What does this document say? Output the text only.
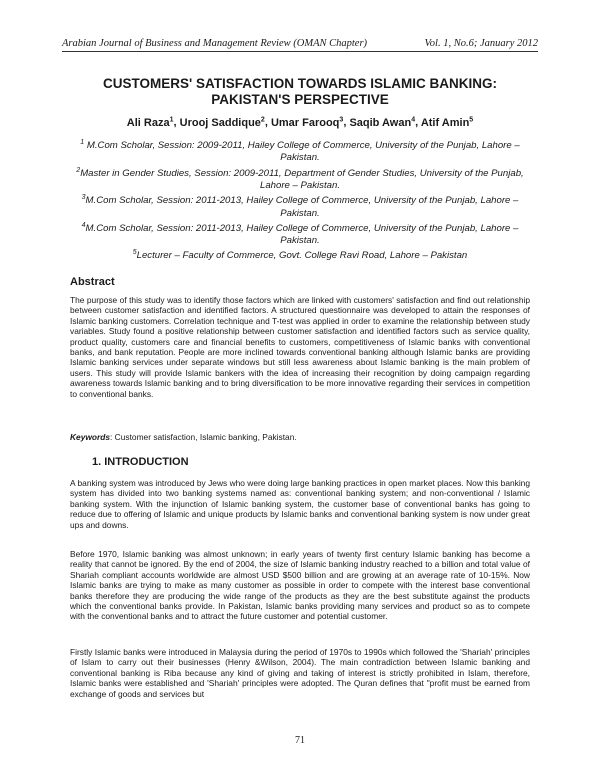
Arabian Journal of Business and Management Review (OMAN Chapter)	Vol. 1, No.6; January 2012
CUSTOMERS' SATISFACTION TOWARDS ISLAMIC BANKING:
PAKISTAN'S PERSPECTIVE
Ali Raza$^1$, Urooj Saddique$^2$, Umar Farooq$^3$, Saqib Awan$^4$, Atif Amin$^5$

$^1$ M.Com Scholar, Session: 2009-2011, Hailey College of Commerce, University of the Punjab, Lahore – Pakistan.

$^2$Master in Gender Studies, Session: 2009-2011, Department of Gender Studies, University of the Punjab, Lahore – Pakistan.

$^3$M.Com Scholar, Session: 2011-2013, Hailey College of Commerce, University of the Punjab, Lahore – Pakistan.

$^4$M.Com Scholar, Session: 2011-2013, Hailey College of Commerce, University of the Punjab, Lahore – Pakistan.

$^5$Lecturer – Faculty of Commerce, Govt. College Ravi Road, Lahore – Pakistan

Abstract

The purpose of this study was to identify those factors which are linked with customers' satisfaction and find out relationship between customer satisfaction and identified factors. A structured questionnaire was developed to attain the responses of Islamic banking customers. Correlation technique and T-test was applied in order to examine the relationship between study variables. Study found a positive relationship between customer satisfaction and identified factors such as service quality, product quality, customers care and financial benefits to customers, competitiveness of Islamic banks with conventional banks, and bank reputation. People are more inclined towards conventional banking although Islamic banks are providing Islamic banking services under separate windows but still less awareness about Islamic banking is the main problem of users. This study will provide Islamic bankers with the idea of increasing their recognition by doing campaign regarding awareness towards Islamic banking and to bring diversification to be more innovative regarding their services in competition to conventional banks.

Keywords: Customer satisfaction, Islamic banking, Pakistan.

1. INTRODUCTION

A banking system was introduced by Jews who were doing large banking practices in open market places. Now this banking system has divided into two banking systems named as: conventional banking system; and non-conventional / Islamic banking system. With the injunction of Islamic banking system, the customer base of conventional banks has going to reduce due to offering of Islamic and unique products by Islamic banks and conventional banking system is now under great ups and downs.

Before 1970, Islamic banking was almost unknown; in early years of twenty first century Islamic banking has become a reality that cannot be ignored. By the end of 2004, the size of Islamic banking industry reached to a billion and total value of Shariah compliant accounts worldwide are almost USD $500 billion and are growing at an average rate of 10-15%. Now Islamic banks are trying to make as many customer as possible in order to compete with the interest base conventional banks therefore they are producing the wide range of the products as they are the best substitute against the products which the conventional banks provide. In Pakistan, Islamic banks providing many services and product so as to compete with the conventional banks and to attract the future customer and potential customer.

Firstly Islamic banks were introduced in Malaysia during the period of 1970s to 1990s which followed the 'Shariah' principles of Islam to carry out their businesses (Henry &Wilson, 2004). The main contradiction between Islamic banking and conventional banking is Riba because any kind of giving and taking of interest is strictly prohibited in Islam, therefore, Islamic banks were established and 'Shariah' principles were adopted. The Quran defines that "profit must be earned from exchange of goods and services but

71
